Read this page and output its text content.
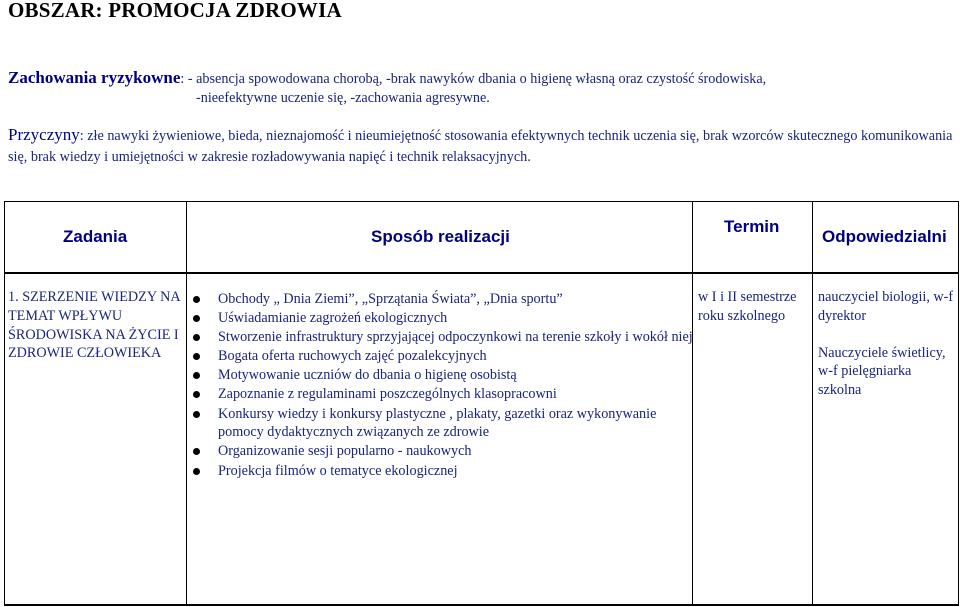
OBSZAR: PROMOCJA ZDROWIA
Zachowania ryzykowne: - absencja spowodowana chorobą, -brak nawyków dbania o higienę własną oraz czystość środowiska,
-nieefektywne uczenie się, -zachowania agresywne.
Przyczyny: złe nawyki żywieniowe, bieda, nieznajomość i nieumiejętność stosowania efektywnych technik uczenia się, brak wzorców skutecznego komunikowania się, brak wiedzy i umiejętności w zakresie rozładowywania napięć i technik relaksacyjnych.
Zadania	Sposób realizacji
Termin
Odpowiedzialni
1. SZERZENIE WIEDZY NA TEMAT WPŁYWU ŚRODOWISKA NA ŻYCIE I ZDROWIE CZŁOWIEKA
Obchody „ Dnia Ziemi”, „Sprzątania Świata”, „Dnia sportu”
Uświadamianie zagrożeń ekologicznych
Stworzenie infrastruktury sprzyjającej odpoczynkowi na terenie szkoły i wokół niej
Bogata oferta ruchowych zajęć pozalekcyjnych
Motywowanie uczniów do dbania o higienę osobistą
Zapoznanie z regulaminami poszczególnych klasopracowni
Konkursy wiedzy i konkursy plastyczne , plakaty, gazetki oraz wykonywanie pomocy dydaktycznych związanych ze zdrowie
Organizowanie sesji popularno - naukowych
Projekcja filmów o tematyce ekologicznej
w I i II semestrze roku szkolnego
nauczyciel biologii, w-f dyrektor
Nauczyciele świetlicy, w-f pielęgniarka szkolna
